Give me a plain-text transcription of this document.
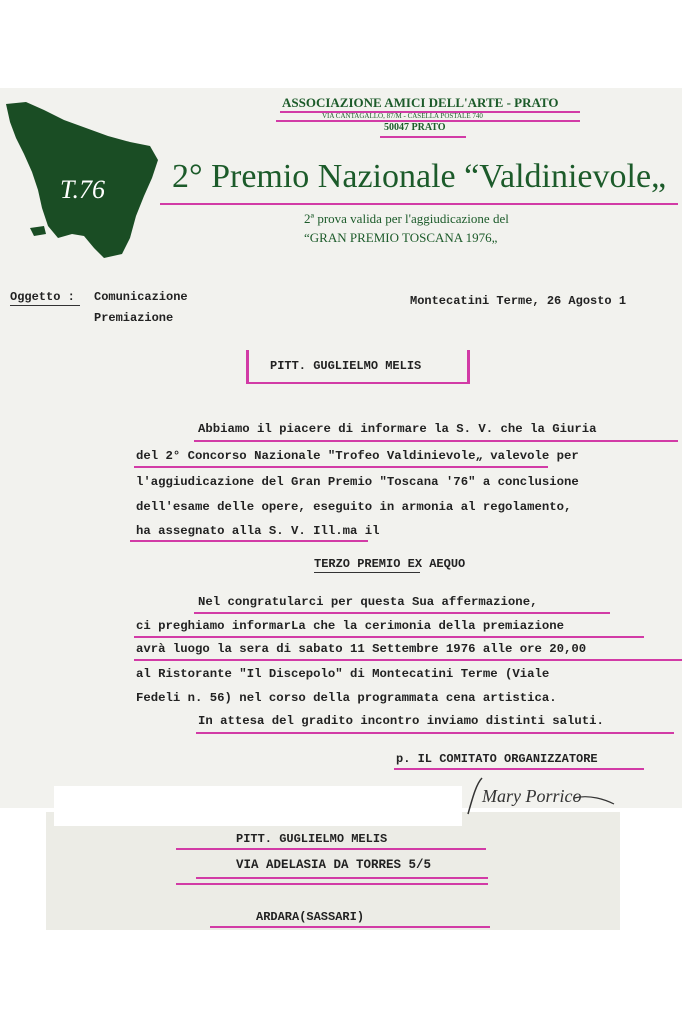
T.76
ASSOCIAZIONE AMICI DELL'ARTE - PRATO
VIA CANTAGALLO, 87/M - CASELLA POSTALE 740
50047 PRATO
2° Premio Nazionale “Valdinievole„
2ª prova valida per l'aggiudicazione del
“GRAN PREMIO TOSCANA 1976„
Oggetto : Comunicazione
Premiazione
Montecatini Terme, 26 Agosto 1
PITT. GUGLIELMO MELIS
Abbiamo il piacere di informare la S. V. che la Giuria
del 2° Concorso Nazionale "Trofeo Valdinievole„ valevole per
l'aggiudicazione del Gran Premio "Toscana '76" a conclusione
dell'esame delle opere, eseguito in armonia al regolamento,
ha assegnato alla S. V. Ill.ma il
TERZO PREMIO EX AEQUO
Nel congratularci per questa Sua affermazione,
ci preghiamo informarLa che la cerimonia della premiazione
avrà luogo la sera di sabato 11 Settembre 1976 alle ore 20,00
al Ristorante "Il Discepolo" di Montecatini Terme (Viale
Fedeli n. 56) nel corso della programmata cena artistica.
In attesa del gradito incontro inviamo distinti saluti.
p. IL COMITATO ORGANIZZATORE
Mary Porrico
PITT. GUGLIELMO MELIS
VIA ADELASIA DA TORRES 5/5
ARDARA(SASSARI)
